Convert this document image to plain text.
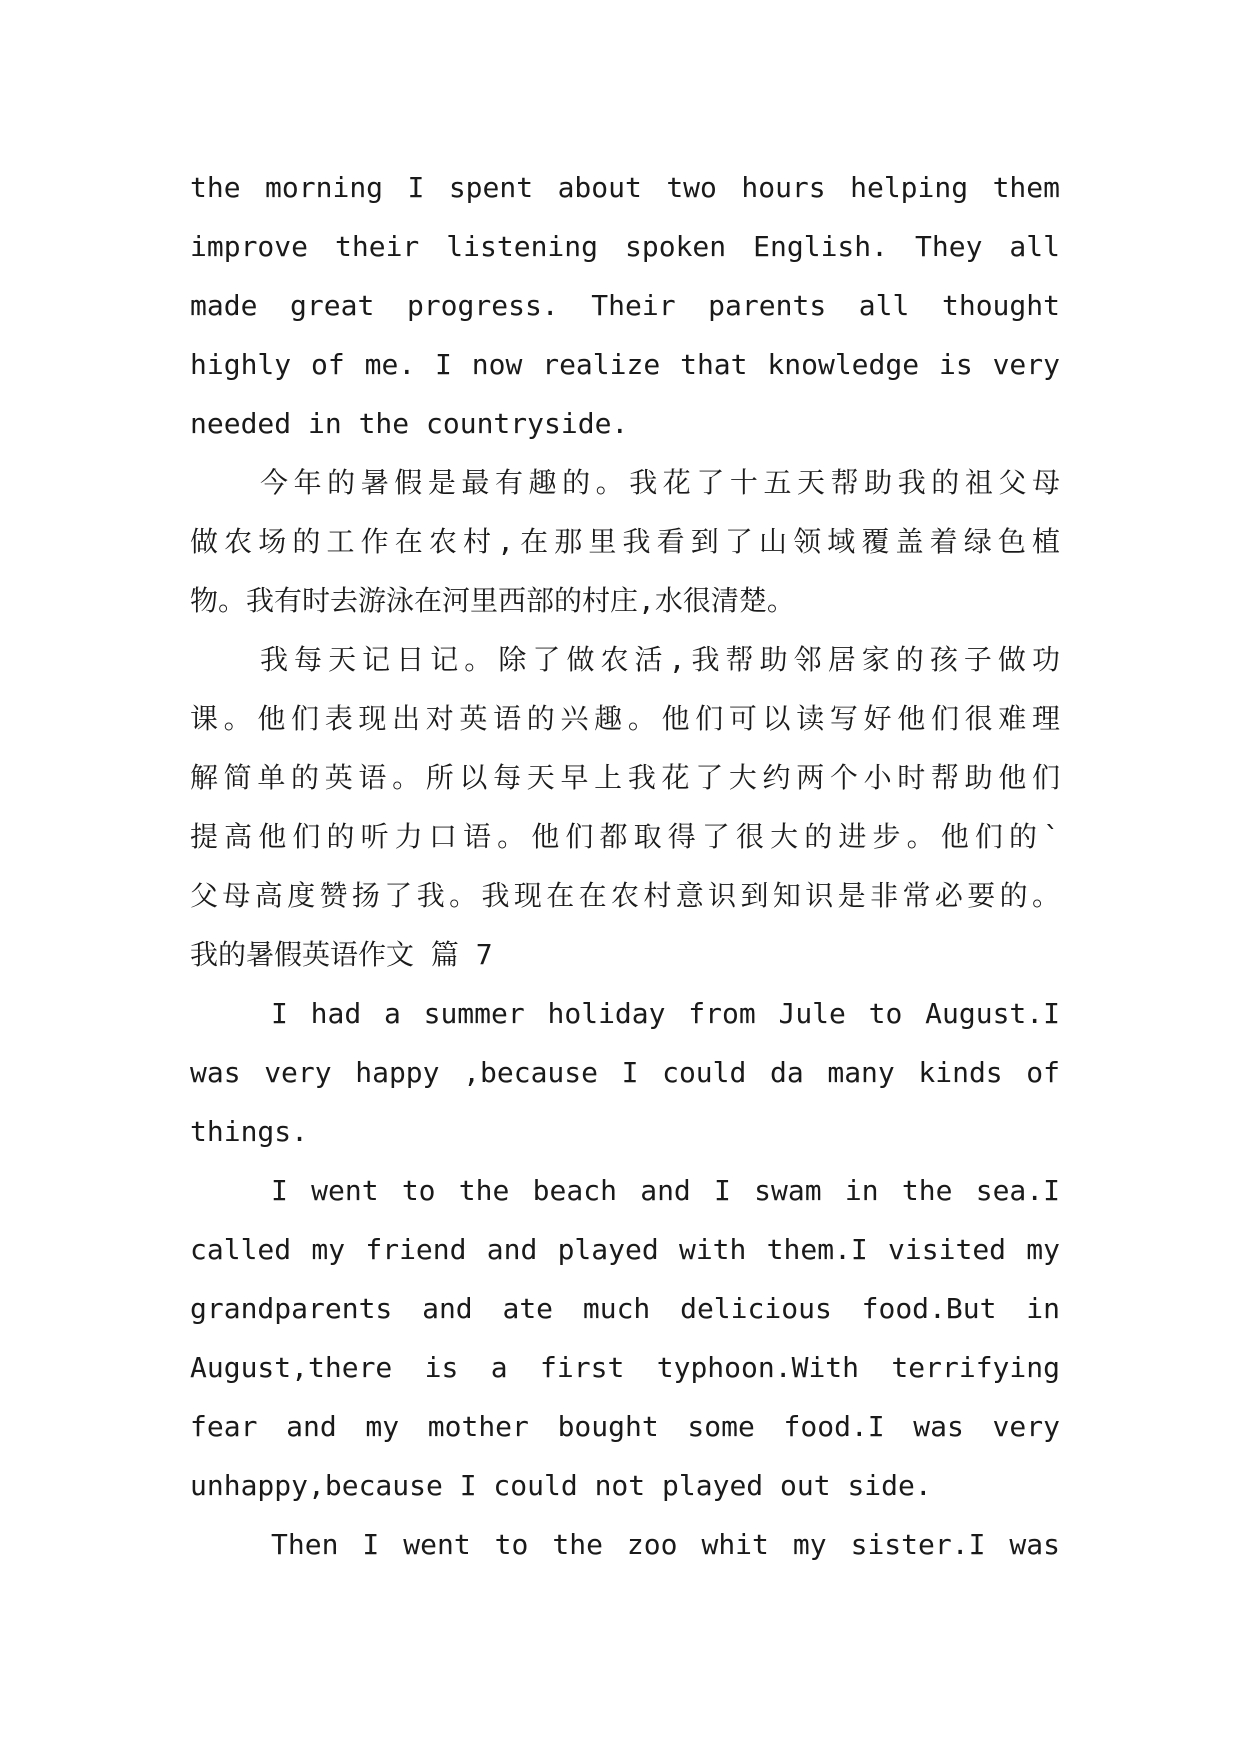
the morning I spent about two hours helping them
improve their listening spoken English. They all
made great progress. Their parents all thought
highly of me. I now realize that knowledge is very
needed in the countryside.
今年的暑假是最有趣的。我花了十五天帮助我的祖父母
做农场的工作在农村,在那里我看到了山领域覆盖着绿色植
物。我有时去游泳在河里西部的村庄,水很清楚。
我每天记日记。除了做农活,我帮助邻居家的孩子做功
课。他们表现出对英语的兴趣。他们可以读写好他们很难理
解简单的英语。所以每天早上我花了大约两个小时帮助他们
提高他们的听力口语。他们都取得了很大的进步。他们的`
父母高度赞扬了我。我现在在农村意识到知识是非常必要的。
我的暑假英语作文 篇 7
I had a summer holiday from Jule to August.I
was very happy ,because I could da many kinds of
things.
I went to the beach and I swam in the sea.I
called my friend and played with them.I visited my
grandparents and ate much delicious food.But in
August,there is a first typhoon.With terrifying
fear and my mother bought some food.I was very
unhappy,because I could not played out side.
Then I went to the zoo whit my sister.I was
